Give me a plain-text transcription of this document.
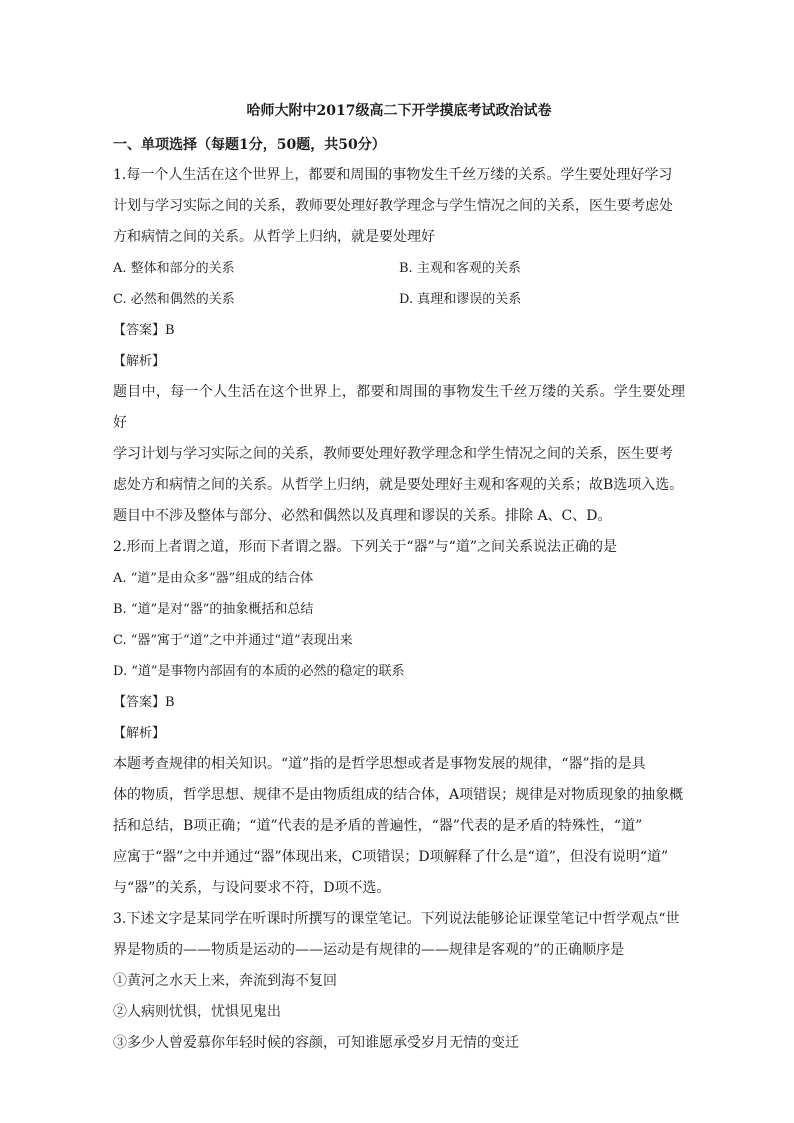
哈师大附中2017级高二下开学摸底考试政治试卷
一、单项选择（每题1分，50题，共50分）
1.每一个人生活在这个世界上，都要和周围的事物发生千丝万缕的关系。学生要处理好学习
计划与学习实际之间的关系，教师要处理好教学理念与学生情况之间的关系，医生要考虑处
方和病情之间的关系。从哲学上归纳，就是要处理好
A. 整体和部分的关系	B. 主观和客观的关系
C. 必然和偶然的关系	D. 真理和谬误的关系
【答案】B
【解析】
题目中，每一个人生活在这个世界上，都要和周围的事物发生千丝万缕的关系。学生要处理好
学习计划与学习实际之间的关系，教师要处理好教学理念和学生情况之间的关系，医生要考
虑处方和病情之间的关系。从哲学上归纳，就是要处理好主观和客观的关系；故B选项入选。
题目中不涉及整体与部分、必然和偶然以及真理和谬误的关系。排除 A、C、D。
2.形而上者谓之道，形而下者谓之器。下列关于“器”与“道”之间关系说法正确的是
A. “道”是由众多“器”组成的结合体
B. “道”是对“器”的抽象概括和总结
C. “器”寓于“道”之中并通过“道”表现出来
D. “道”是事物内部固有的本质的必然的稳定的联系
【答案】B
【解析】
本题考查规律的相关知识。“道”指的是哲学思想或者是事物发展的规律，“器”指的是具
体的物质，哲学思想、规律不是由物质组成的结合体，A项错误；规律是对物质现象的抽象概
括和总结，B项正确；“道”代表的是矛盾的普遍性，“器”代表的是矛盾的特殊性，“道”
应寓于“器”之中并通过“器”体现出来，C项错误；D项解释了什么是“道”，但没有说明“道”
与“器”的关系，与设问要求不符，D项不选。
3.下述文字是某同学在听课时所撰写的课堂笔记。下列说法能够论证课堂笔记中哲学观点“世
界是物质的——物质是运动的——运动是有规律的——规律是客观的”的正确顺序是
①黄河之水天上来，奔流到海不复回
②人病则忧惧，忧惧见鬼出
③多少人曾爱慕你年轻时候的容颜，可知谁愿承受岁月无情的变迁
